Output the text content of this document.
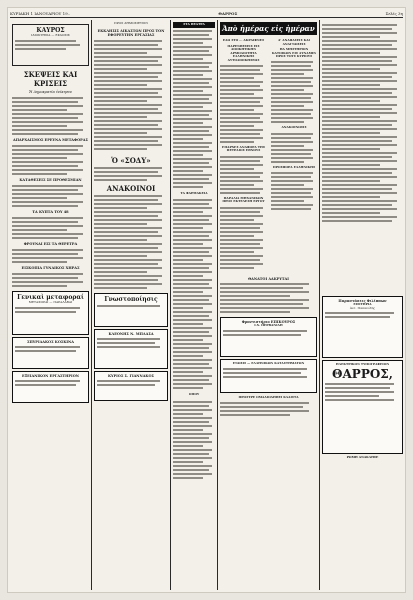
ΚΥΡΙΑΚΗ 1 ΙΑΝΟΥΑΡΙΟΥ 19..	ΘΑΡΡΟΣ	Σελίς 3η
ΚΑΥΡΟΣ
ΙΔΙΟΚΤΗΣΙΑ — ΕΚΔΟΣΙΣ
ΣΚΕΨΕΙΣ ΚΑΙ ΚΡΙΣΕΙΣ
Ἡ Δημοκρατία ἐνίκησεν
ΑΠΑΡΧΑΙΣΜΟΣ ΕΡΕΥΝΑ ΜΕΤΑΦΟΡΑΣ
ΚΑΤΑΘΕΣΕΙΣ ΣΕ ΠΡΟΘΕΣΜΙΑΝ
ΤΑ ΚΥΠΤΑ ΤΟΥ 48
ΦΡΟΥΝΑΙ ΕΙΣ ΤΑ ΘΕΡΕΤΡΑ
ΕΙΣΚΟΠΙΑ ΓΥΝΑΙΚΟΣ ΧΗΡΑΣ
Γενικαὶ μεταφοραί
ΜΕΤΑΦΟΡΑΙ — ΠΑΡΑΛΑΒΑΙ
ΣΠΥΡΙΔΑΚΟΣ ΚΟΣΚΙΝΑ
ΕΞΕΙΑΝΙΚΟΝ ΕΡΓΑΣΤΗΡΙΟΝ
ΠΡΟΣ ΔΗΜΟΣΙΕΥΣΙΝ
ΕΚΚΛΗΣΙΣ ΔΙΚΑΣΤΩΝ ΠΡΟΣ ΤΟΝ ΕΦΟΡΕΥΤΗΝ ΕΡΓΑΣΙΑΣ
Ὁ «ΣΟΔΥ»
ΑΝΑΚΟΙΝΟΙ
Γνωστοποίησις
ΚΛΕΟΝΗΣ Ν. ΜΠΛΑΣΑ
ΚΥΡΙΟΣ Σ. ΓΙΑΝΝΑΚΟΣ
ΣΤΑ ΘΕΑΤΡΑ
ΤΑ ΦΑΡΜΑΚΕΙΑ
ΟΠΟΥ
Ἀπὸ ἡμέρας εἰς ἡμέραν
ΕΔΩ ΣΤΟ ... ΑΚΡΑΙΦΝΕΣ
ΠΑΡΕΝΘΕΣΕΙΣ ΕΙΣ ΔΙΟΙΚΗΤΙΚΗΝ ΑΡΜΟΔΙΟΤΗΤΑ ΕΛΛΗΝΙΚΗΣ ΑΥΤΟΔΙΟΙΚΗΣΕΩΣ
ΕΠΑΡΧΕΣ ΑΝΑΦΟΡΑ ΤΗΣ ΠΕΤΡΑΙΟΣ ΕΘΝΟΥΣ
ΠΑΡΑΛΙΑ ΜΗΧΑΝΙΚΩΝ ΠΡΟΣ ΕΚΤΕΛΕΣΗ ΕΡΓΟΥ
Δ' ΑΝΑΦΑΣΕΙΣ ΚΑΙ ΑΝΑΓΝΩΣΕΙΣ
ΗΑ ΜΗΣΤΗΡΙΟΝ ΚΑΤΟΙΚΩΝ ΕΙΣ ΔΥΝΑΜΙΝ ΠΡΟΣ ΤΟΥΣ ΚΥΡΙΟΥΣ
ΑΝΑΚΟΙΝΩΣΙΣ
ΠΡΟΣΦΟΡΑ ΕΛΛΗΝΙΚΗΣ
ΘΑΝΑΤΟΙ ΔΑΚΡΥΤΑΙ
Φροντιστήριο ΕΠΙΚΟΥΡΟΣ
Ι.Χ. ΠΕΡΒΑΝΙΔΗ
ΕΝΩΣΙΣ — ΕΛΛΗΝΙΚΩΝ ΚΑΤΑΣΤΗΜΑΤΩΝ
ΠΡΟΣΤΡΕ ΟΜΑΔΙΟΔΗΘΕΙ ΚΛΑΙΣΤΑ
Παραστάσεις Φιλίππων
ΕΙΣΙΤΗΡΙΑ
Ἀντ. Παπαλόδης
ΗΛΕΚΤΡΙΚΟΝ ΤΥΠΟΓΡΑΦΕΙΟΝ
ΘΑΡΡΟΣ,
ΡΩΜΗ ΑΝΑΚΛΗΣΕ
